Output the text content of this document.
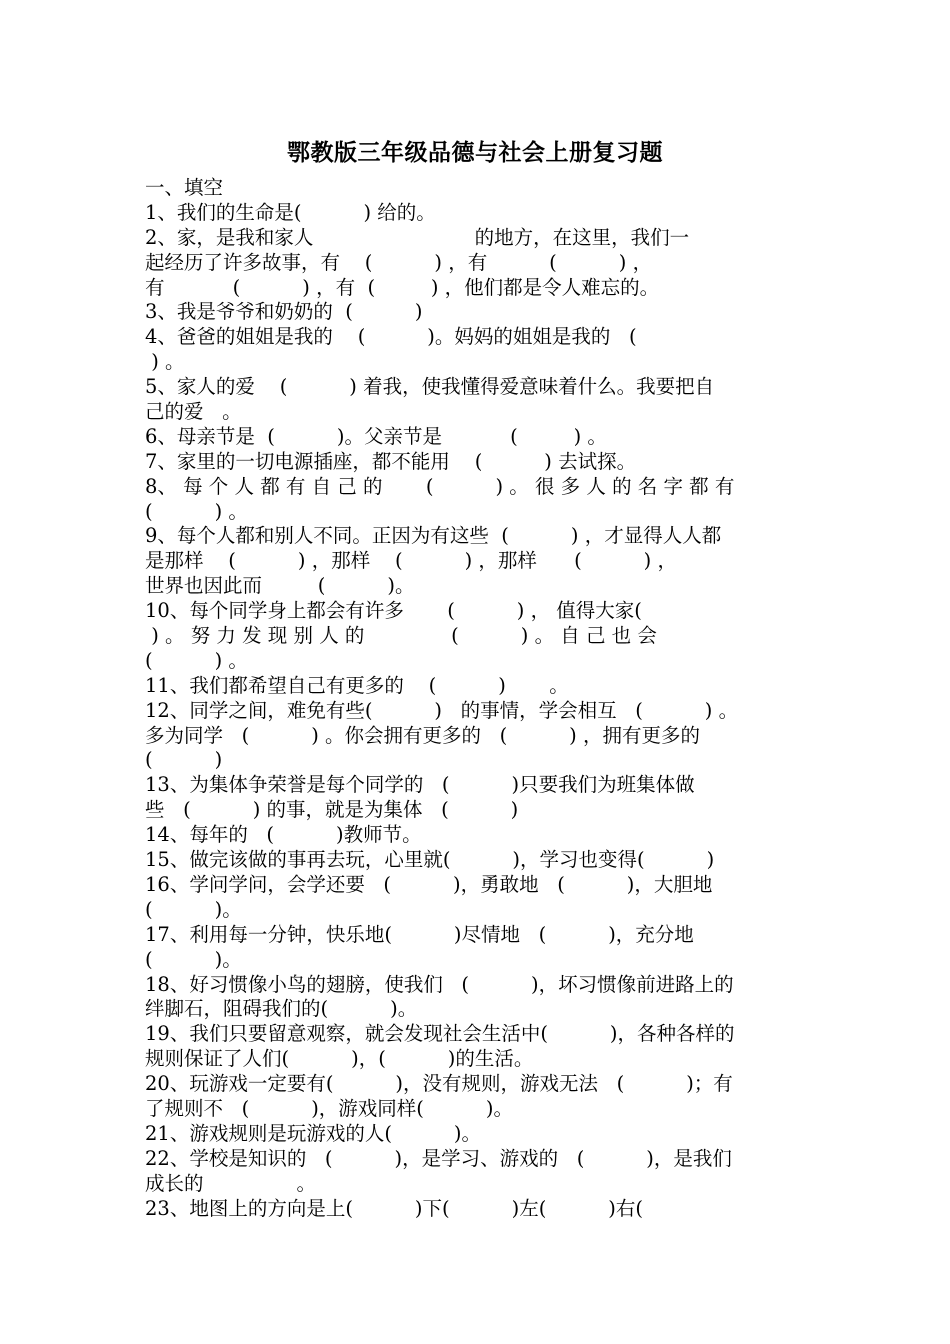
鄂教版三年级品德与社会上册复习题
一、填空
1、我们的生命是(          ) 给的。
2、家，是我和家人                          的地方，在这里，我们一
起经历了许多故事，有    (          ) ，有          (          ) ，
有           (          ) ，有  (         ) ，他们都是令人难忘的。
3、我是爷爷和奶奶的  (          )
4、爸爸的姐姐是我的    (          )。妈妈的姐姐是我的   (
) 。
5、家人的爱    (          ) 着我，使我懂得爱意味着什么。我要把自
己的爱   。
6、母亲节是  (          )。父亲节是           (         ) 。
7、家里的一切电源插座，都不能用    (          ) 去试探。
8、 每 个 人 都 有 自 己 的       (          ) 。 很 多 人 的 名 字 都 有
(          ) 。
9、每个人都和别人不同。正因为有这些  (          ) ，才显得人人都
是那样    (          ) ，那样    (          ) ，那样      (          ) ，
世界也因此而         (          )。
10、每个同学身上都会有许多       (          ) ， 值得大家(
) 。 努 力 发 现 别 人 的              (          ) 。 自 己 也 会
(          ) 。
11、我们都希望自己有更多的    (          )       。
12、同学之间，难免有些(          )   的事情，学会相互   (          ) 。
多为同学   (          ) 。你会拥有更多的   (          ) ，拥有更多的
(          )
13、为集体争荣誉是每个同学的   (          )只要我们为班集体做
些   (          ) 的事，就是为集体   (          )
14、每年的   (          )教师节。
15、做完该做的事再去玩，心里就(          )，学习也变得(          )
16、学问学问，会学还要   (          )，勇敢地   (          )，大胆地
(          )。
17、利用每一分钟，快乐地(          )尽情地   (          )，充分地
(          )。
18、好习惯像小鸟的翅膀，使我们   (          )，坏习惯像前进路上的
绊脚石，阻碍我们的(          )。
19、我们只要留意观察，就会发现社会生活中(          )，各种各样的
规则保证了人们(          )，(          )的生活。
20、玩游戏一定要有(          )，没有规则，游戏无法   (          )；有
了规则不   (          )，游戏同样(          )。
21、游戏规则是玩游戏的人(          )。
22、学校是知识的   (          )，是学习、游戏的   (          )，是我们
成长的               。
23、地图上的方向是上(          )下(          )左(          )右(
